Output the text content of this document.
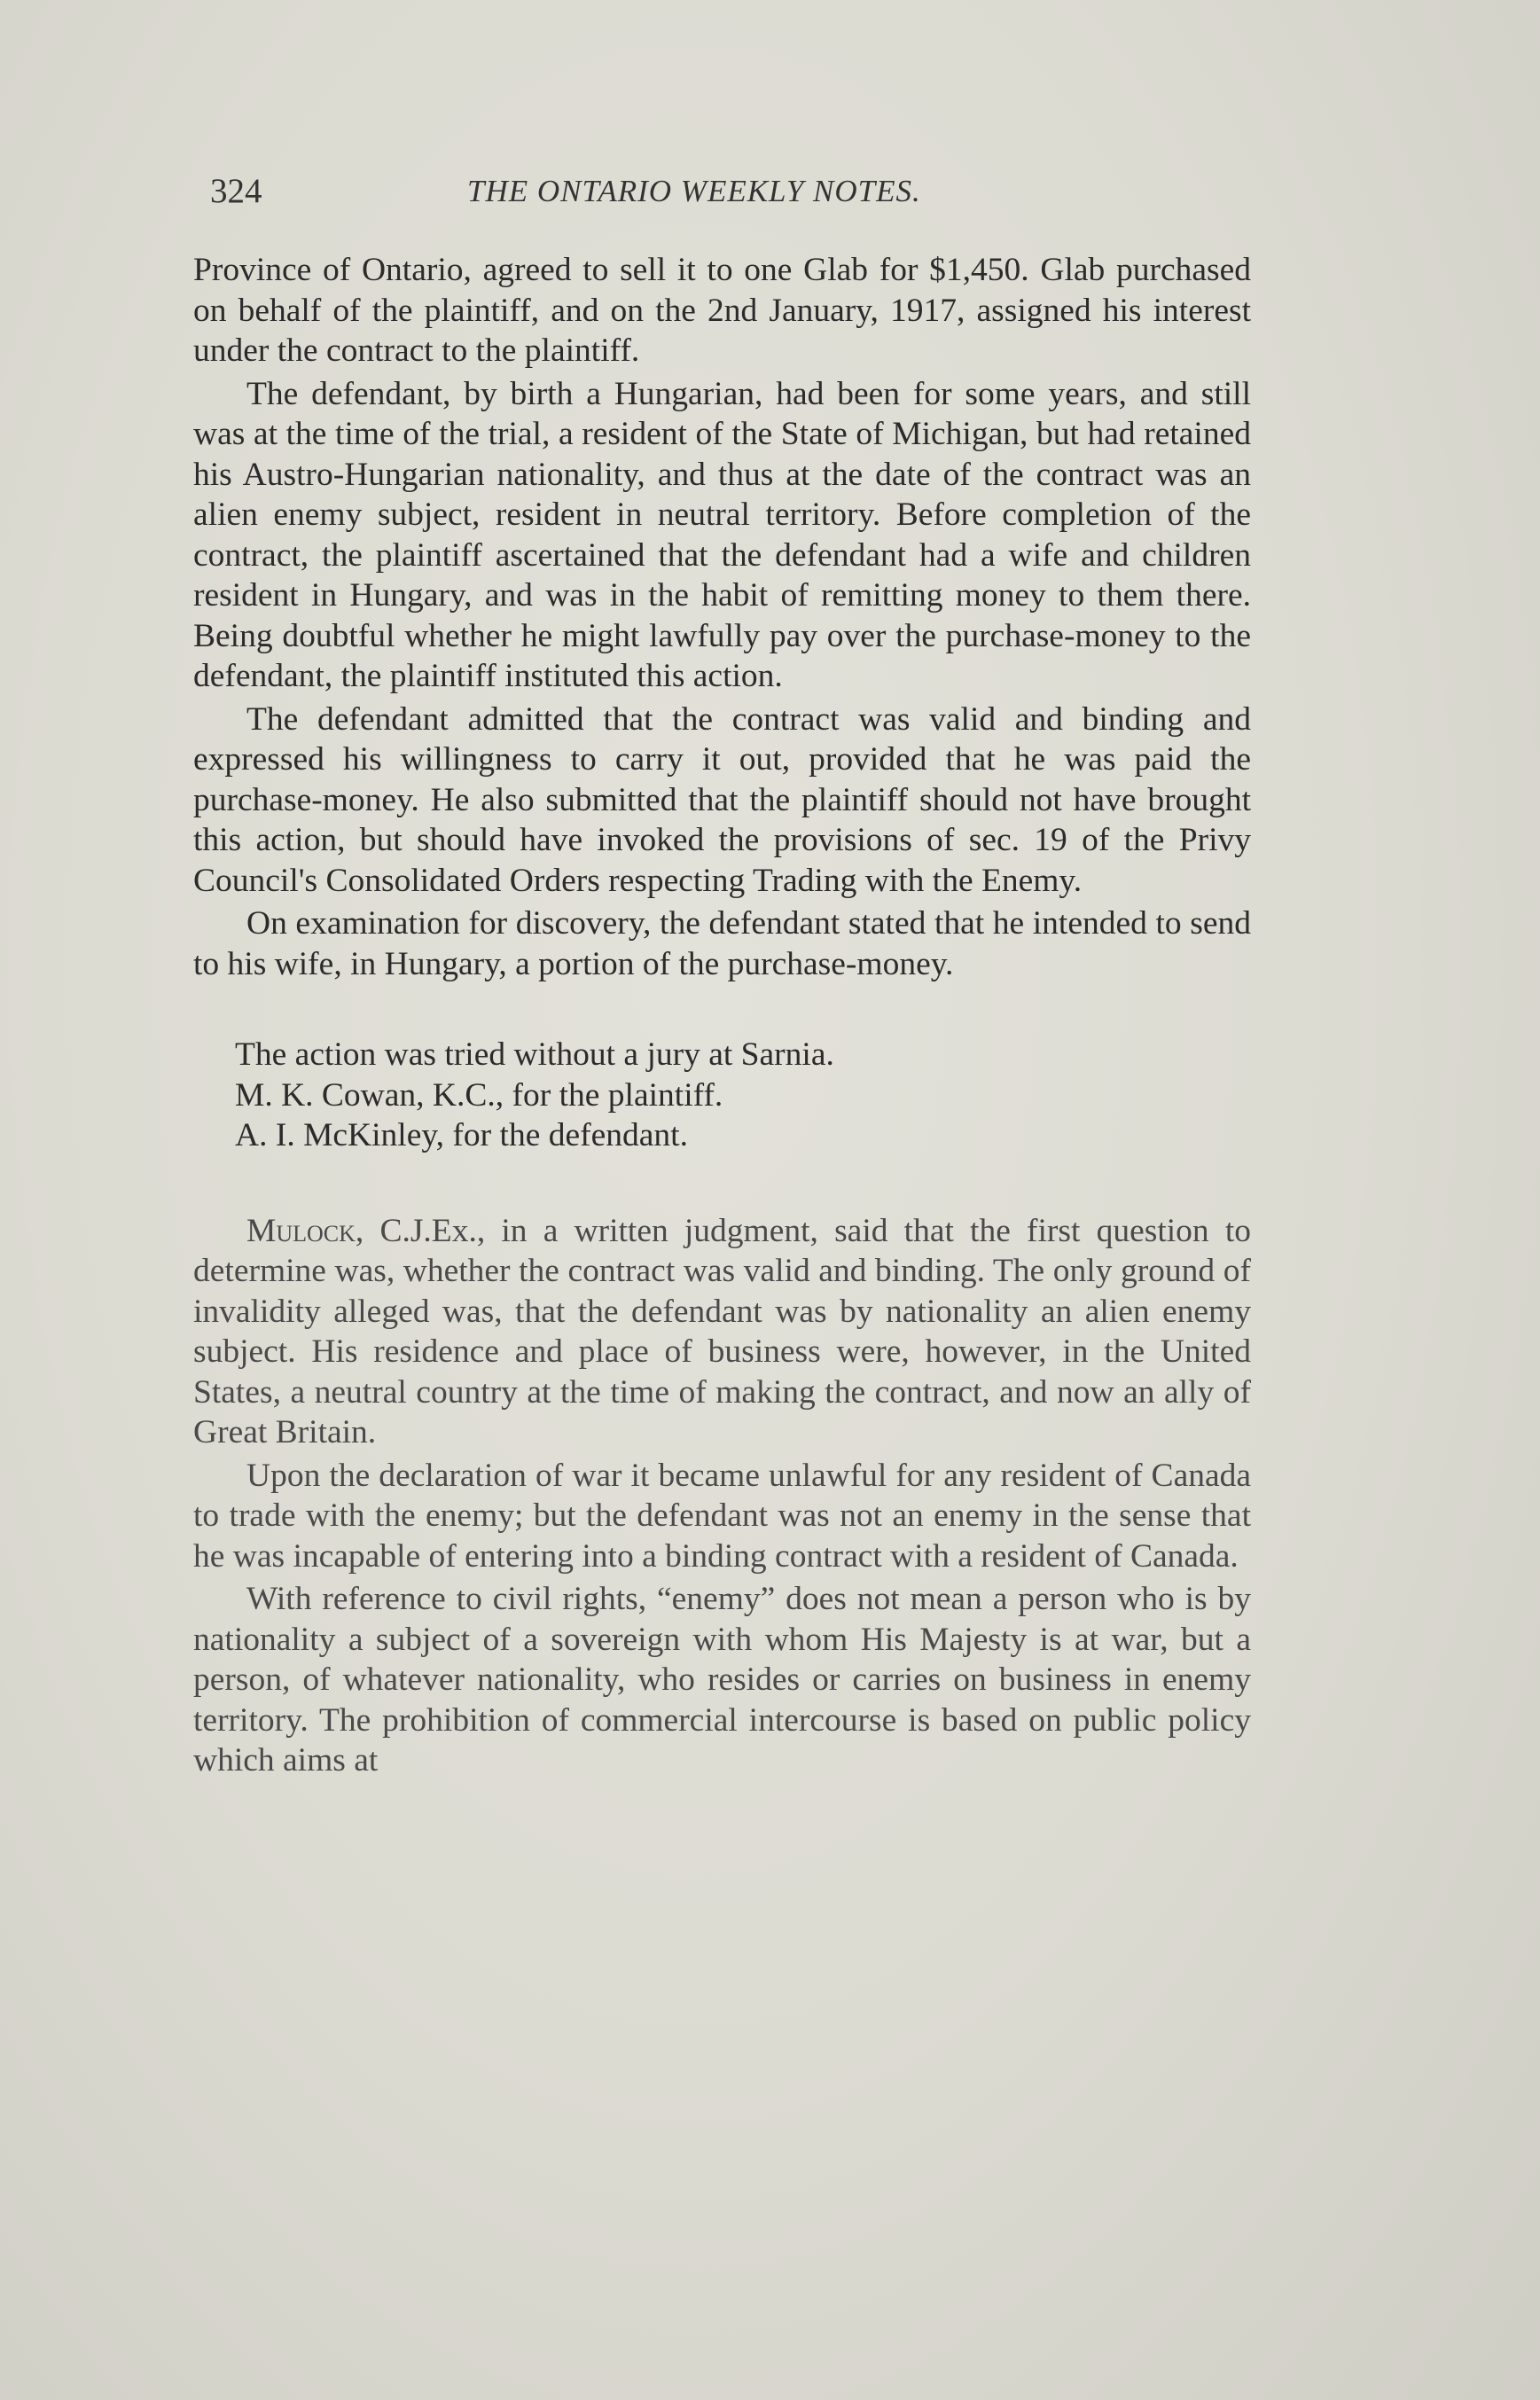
324	THE ONTARIO WEEKLY NOTES.

Province of Ontario, agreed to sell it to one Glab for $1,450. Glab purchased on behalf of the plaintiff, and on the 2nd January, 1917, assigned his interest under the contract to the plaintiff.

The defendant, by birth a Hungarian, had been for some years, and still was at the time of the trial, a resident of the State of Michigan, but had retained his Austro-Hungarian nationality, and thus at the date of the contract was an alien enemy subject, resident in neutral territory. Before completion of the contract, the plaintiff ascertained that the defendant had a wife and children resident in Hungary, and was in the habit of remitting money to them there. Being doubtful whether he might lawfully pay over the purchase-money to the defendant, the plaintiff instituted this action.

The defendant admitted that the contract was valid and binding and expressed his willingness to carry it out, provided that he was paid the purchase-money. He also submitted that the plaintiff should not have brought this action, but should have invoked the provisions of sec. 19 of the Privy Council's Consolidated Orders respecting Trading with the Enemy.

On examination for discovery, the defendant stated that he intended to send to his wife, in Hungary, a portion of the purchase-money.

The action was tried without a jury at Sarnia.
M. K. Cowan, K.C., for the plaintiff.
A. I. McKinley, for the defendant.

Mulock, C.J.Ex., in a written judgment, said that the first question to determine was, whether the contract was valid and binding. The only ground of invalidity alleged was, that the defendant was by nationality an alien enemy subject. His residence and place of business were, however, in the United States, a neutral country at the time of making the contract, and now an ally of Great Britain.

Upon the declaration of war it became unlawful for any resident of Canada to trade with the enemy; but the defendant was not an enemy in the sense that he was incapable of entering into a binding contract with a resident of Canada.

With reference to civil rights, “enemy” does not mean a person who is by nationality a subject of a sovereign with whom His Majesty is at war, but a person, of whatever nationality, who resides or carries on business in enemy territory. The prohibition of commercial intercourse is based on public policy which aims at
